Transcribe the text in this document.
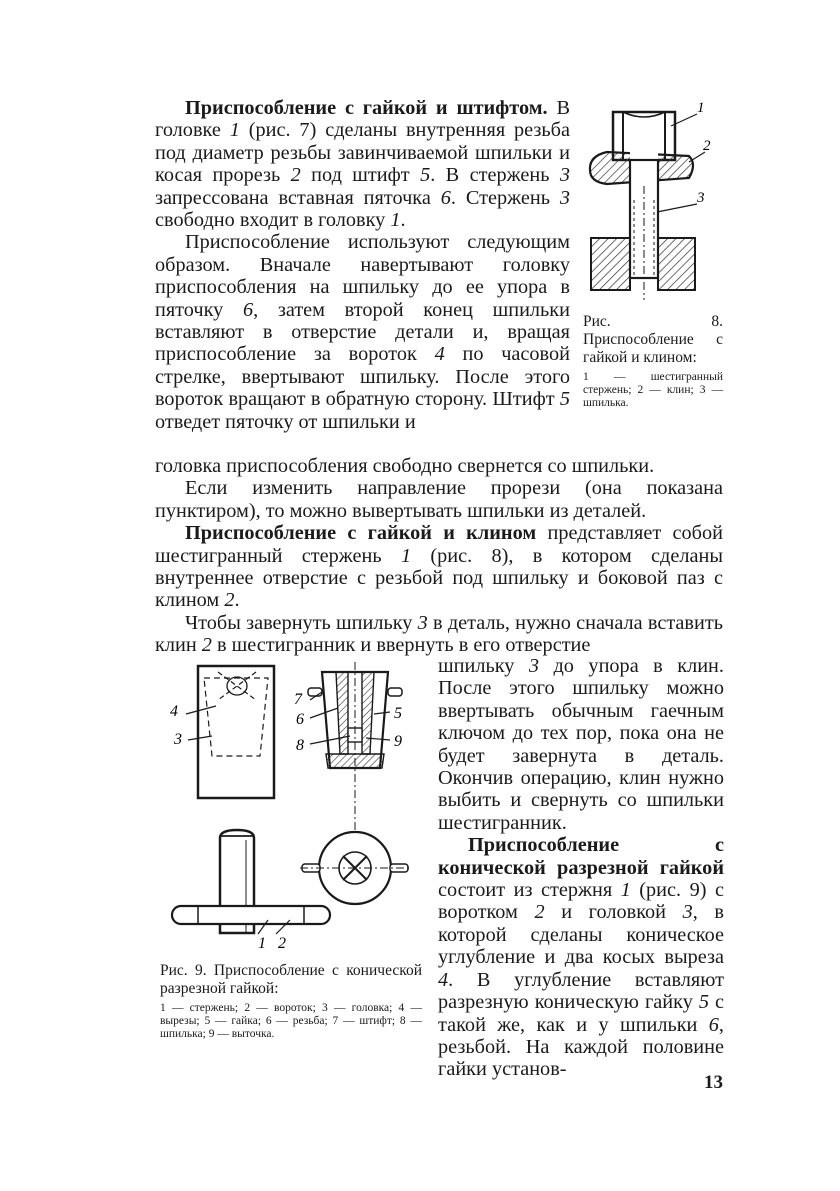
Приспособление с гайкой и штифтом. В головке 1 (рис. 7) сделаны внутренняя резьба под диаметр резьбы завинчиваемой шпильки и косая прорезь 2 под штифт 5. В стержень 3 запрессована вставная пяточка 6. Стержень 3 свободно входит в головку 1.

Приспособление используют следующим образом. Вначале навертывают головку приспособления на шпильку до ее упора в пяточку 6, затем второй конец шпильки вставляют в отверстие детали и, вращая приспособление за вороток 4 по часовой стрелке, ввертывают шпильку. После этого вороток вращают в обратную сторону. Штифт 5 отведет пяточку от шпильки и

1
2
3
Рис. 8. Приспособление с гайкой и клином:
1 — шестигранный стержень; 2 — клин; 3 — шпилька.

головка приспособления свободно свернется со шпильки.

Если изменить направление прорези (она показана пунктиром), то можно вывертывать шпильки из деталей.

Приспособление с гайкой и клином представляет собой шестигранный стержень 1 (рис. 8), в котором сделаны внутреннее отверстие с резьбой под шпильку и боковой паз с клином 2.

Чтобы завернуть шпильку 3 в деталь, нужно сначала вставить клин 2 в шестигранник и ввернуть в его отверстие

4
3
1 2
7
6
8
5
9
Рис. 9. Приспособление с конической разрезной гайкой:
1 — стержень; 2 — вороток; 3 — головка; 4 — вырезы; 5 — гайка; 6 — резьба; 7 — штифт; 8 — шпилька; 9 — выточка.

шпильку 3 до упора в клин. После этого шпильку можно ввертывать обычным гаечным ключом до тех пор, пока она не будет завернута в деталь. Окончив операцию, клин нужно выбить и свернуть со шпильки шестигранник.

Приспособление с конической разрезной гайкой состоит из стержня 1 (рис. 9) с воротком 2 и головкой 3, в которой сделаны коническое углубление и два косых выреза 4. В углубление вставляют разрезную коническую гайку 5 с такой же, как и у шпильки 6, резьбой. На каждой половине гайки установ-

13
